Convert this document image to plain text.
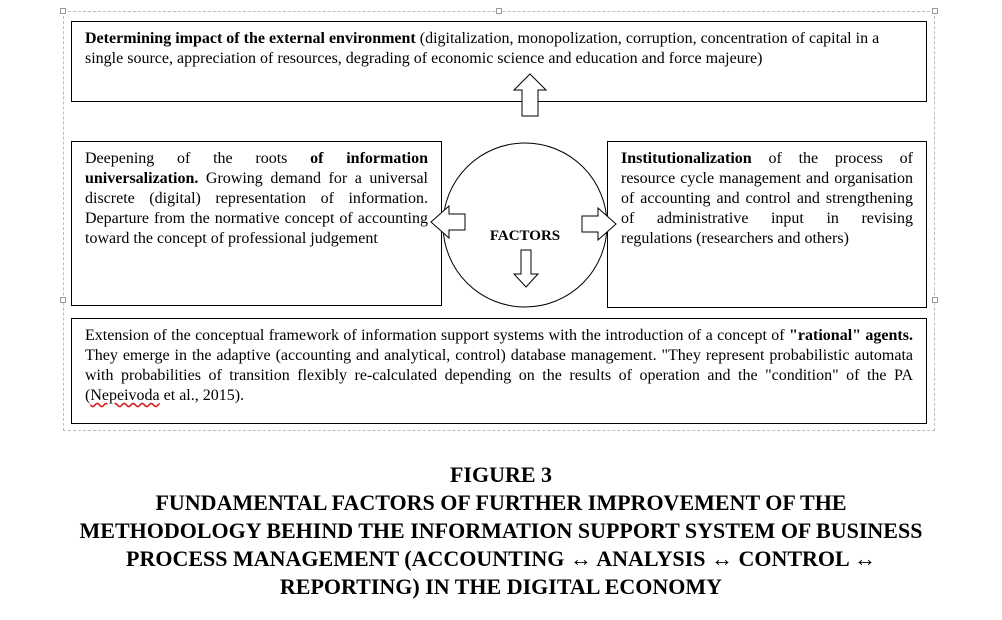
Determining impact of the external environment (digitalization, monopolization, corruption, concentration of capital in a single source, appreciation of resources, degrading of economic science and education and force majeure)
Deepening of the roots of information universalization. Growing demand for a universal discrete (digital) representation of information. Departure from the normative concept of accounting toward the concept of professional judgement
Institutionalization of the process of resource cycle management and organisation of accounting and control and strengthening of administrative input in revising regulations (researchers and others)
Extension of the conceptual framework of information support systems with the introduction of a concept of "rational" agents. They emerge in the adaptive (accounting and analytical, control) database management. "They represent probabilistic automata with probabilities of transition flexibly re-calculated depending on the results of operation and the "condition" of the PA (Nepeivoda et al., 2015).
FACTORS
FIGURE 3
FUNDAMENTAL FACTORS OF FURTHER IMPROVEMENT OF THE
METHODOLOGY BEHIND THE INFORMATION SUPPORT SYSTEM OF BUSINESS
PROCESS MANAGEMENT (ACCOUNTING ↔ ANALYSIS ↔ CONTROL ↔
REPORTING) IN THE DIGITAL ECONOMY
